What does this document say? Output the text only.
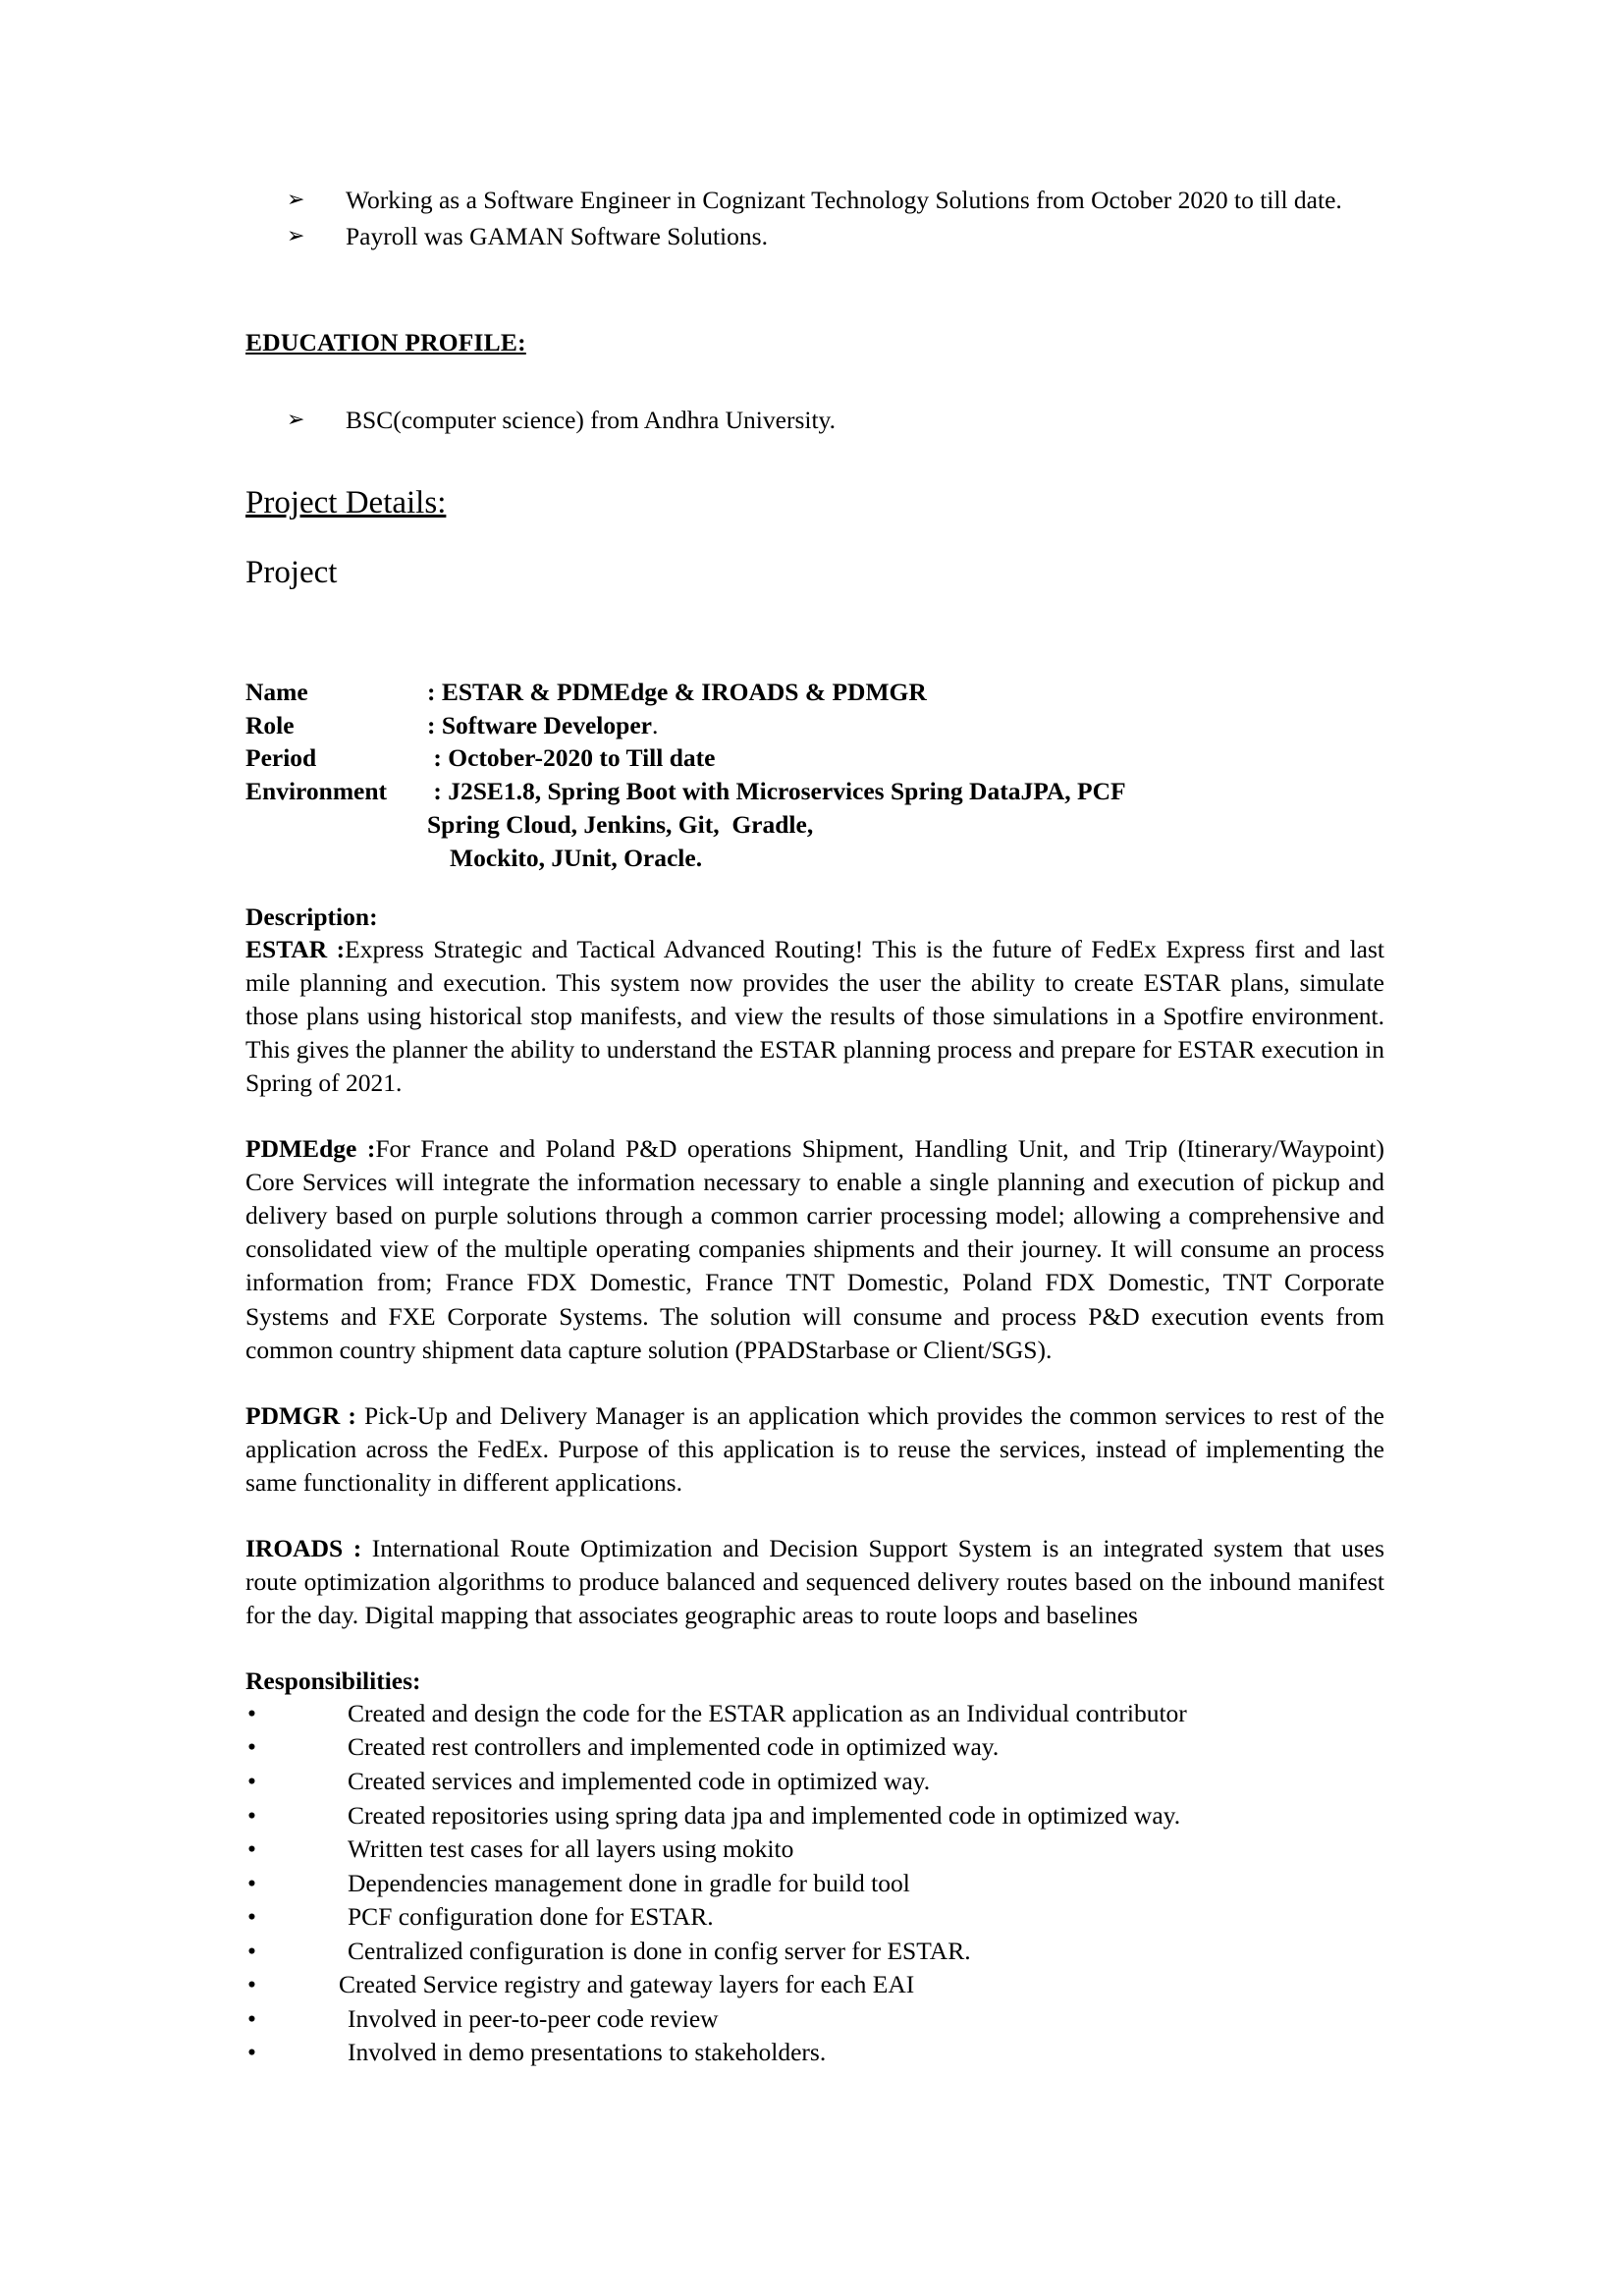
➢ Working as a Software Engineer in Cognizant Technology Solutions from October 2020 to till date.
➢ Payroll was GAMAN Software Solutions.
EDUCATION PROFILE:
➢ BSC(computer science) from Andhra University.
Project Details:
Project
Name	: ESTAR & PDMEdge & IROADS & PDMGR
Role	: Software Developer.
Period	: October-2020 to Till date
Environment	: J2SE1.8, Spring Boot with Microservices Spring DataJPA, PCF
Spring Cloud, Jenkins, Git,  Gradle,
Mockito, JUnit, Oracle.
Description:

ESTAR :Express Strategic and Tactical Advanced Routing! This is the future of FedEx Express first and last mile planning and execution. This system now provides the user the ability to create ESTAR plans, simulate those plans using historical stop manifests, and view the results of those simulations in a Spotfire environment. This gives the planner the ability to understand the ESTAR planning process and prepare for ESTAR execution in Spring of 2021.

PDMEdge :For France and Poland P&D operations Shipment, Handling Unit, and Trip (Itinerary/Waypoint) Core Services will integrate the information necessary to enable a single planning and execution of pickup and delivery based on purple solutions through a common carrier processing model; allowing a comprehensive and consolidated view of the multiple operating companies shipments and their journey. It will consume an process information from; France FDX Domestic, France TNT Domestic, Poland FDX Domestic, TNT Corporate Systems and FXE Corporate Systems. The solution will consume and process P&D execution events from common country shipment data capture solution (PPADStarbase or Client/SGS).

PDMGR : Pick-Up and Delivery Manager is an application which provides the common services to rest of the application across the FedEx. Purpose of this application is to reuse the services, instead of implementing the same functionality in different applications.

IROADS : International Route Optimization and Decision Support System is an integrated system that uses route optimization algorithms to produce balanced and sequenced delivery routes based on the inbound manifest for the day. Digital mapping that associates geographic areas to route loops and baselines

Responsibilities:
•	Created and design the code for the ESTAR application as an Individual contributor
•	Created rest controllers and implemented code in optimized way.
•	Created services and implemented code in optimized way.
•	Created repositories using spring data jpa and implemented code in optimized way.
•	Written test cases for all layers using mokito
•	Dependencies management done in gradle for build tool
•	PCF configuration done for ESTAR.
•	Centralized configuration is done in config server for ESTAR.
•	Created Service registry and gateway layers for each EAI
•	Involved in peer-to-peer code review
•	Involved in demo presentations to stakeholders.
